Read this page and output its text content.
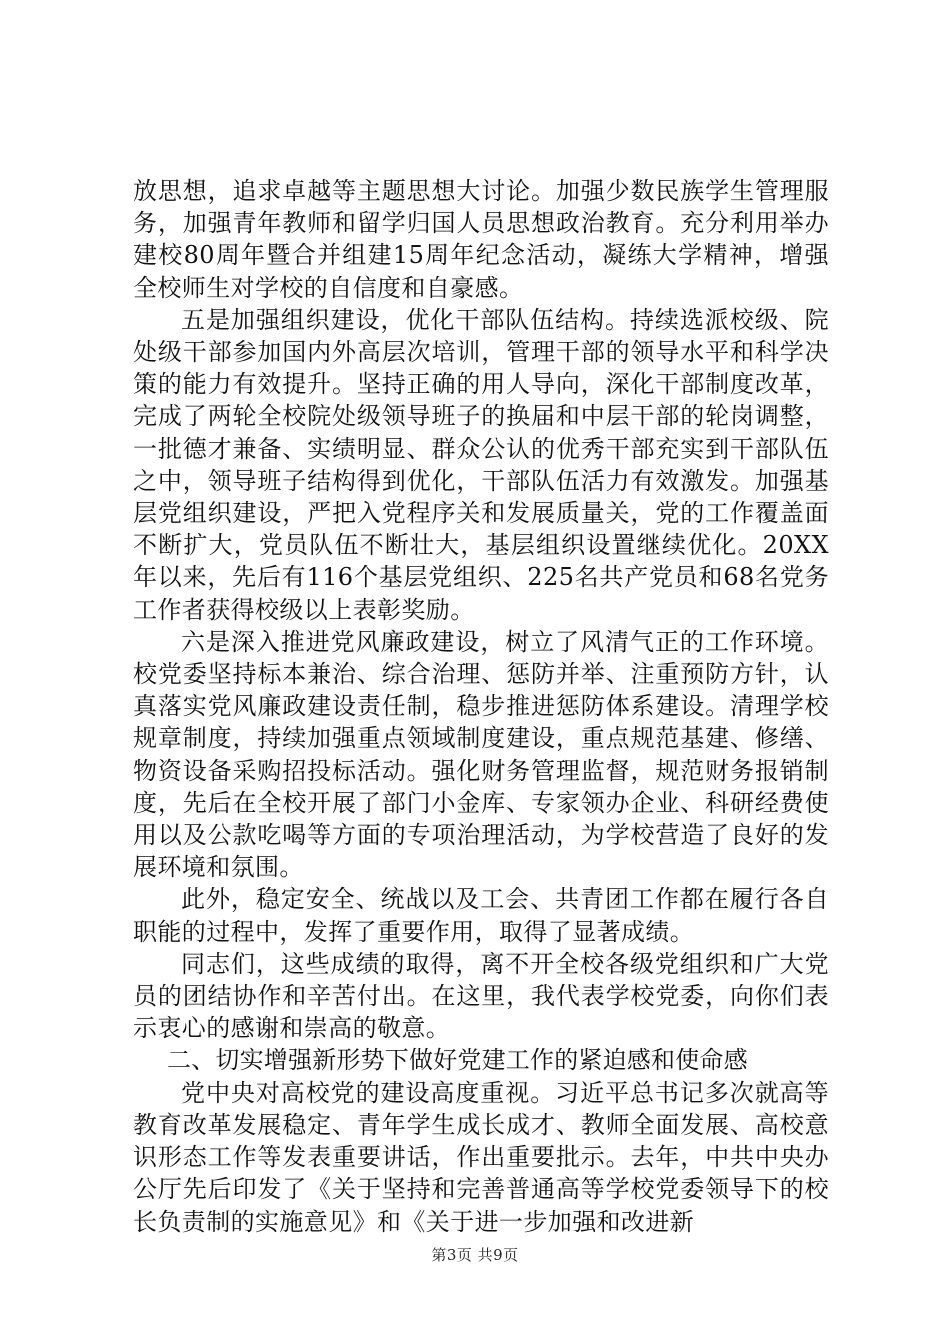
放思想，追求卓越等主题思想大讨论。加强少数民族学生管理服务，加强青年教师和留学归国人员思想政治教育。充分利用举办建校80周年暨合并组建15周年纪念活动，凝练大学精神，增强全校师生对学校的自信度和自豪感。

五是加强组织建设，优化干部队伍结构。持续选派校级、院处级干部参加国内外高层次培训，管理干部的领导水平和科学决策的能力有效提升。坚持正确的用人导向，深化干部制度改革，完成了两轮全校院处级领导班子的换届和中层干部的轮岗调整，一批德才兼备、实绩明显、群众公认的优秀干部充实到干部队伍之中，领导班子结构得到优化，干部队伍活力有效激发。加强基层党组织建设，严把入党程序关和发展质量关，党的工作覆盖面不断扩大，党员队伍不断壮大，基层组织设置继续优化。20XX年以来，先后有116个基层党组织、225名共产党员和68名党务工作者获得校级以上表彰奖励。

六是深入推进党风廉政建设，树立了风清气正的工作环境。校党委坚持标本兼治、综合治理、惩防并举、注重预防方针，认真落实党风廉政建设责任制，稳步推进惩防体系建设。清理学校规章制度，持续加强重点领域制度建设，重点规范基建、修缮、物资设备采购招投标活动。强化财务管理监督，规范财务报销制度，先后在全校开展了部门小金库、专家领办企业、科研经费使用以及公款吃喝等方面的专项治理活动，为学校营造了良好的发展环境和氛围。

此外，稳定安全、统战以及工会、共青团工作都在履行各自职能的过程中，发挥了重要作用，取得了显著成绩。

同志们，这些成绩的取得，离不开全校各级党组织和广大党员的团结协作和辛苦付出。在这里，我代表学校党委，向你们表示衷心的感谢和崇高的敬意。

二、切实增强新形势下做好党建工作的紧迫感和使命感

党中央对高校党的建设高度重视。习近平总书记多次就高等教育改革发展稳定、青年学生成长成才、教师全面发展、高校意识形态工作等发表重要讲话，作出重要批示。去年，中共中央办公厅先后印发了《关于坚持和完善普通高等学校党委领导下的校长负责制的实施意见》和《关于进一步加强和改进新

第3页 共9页
